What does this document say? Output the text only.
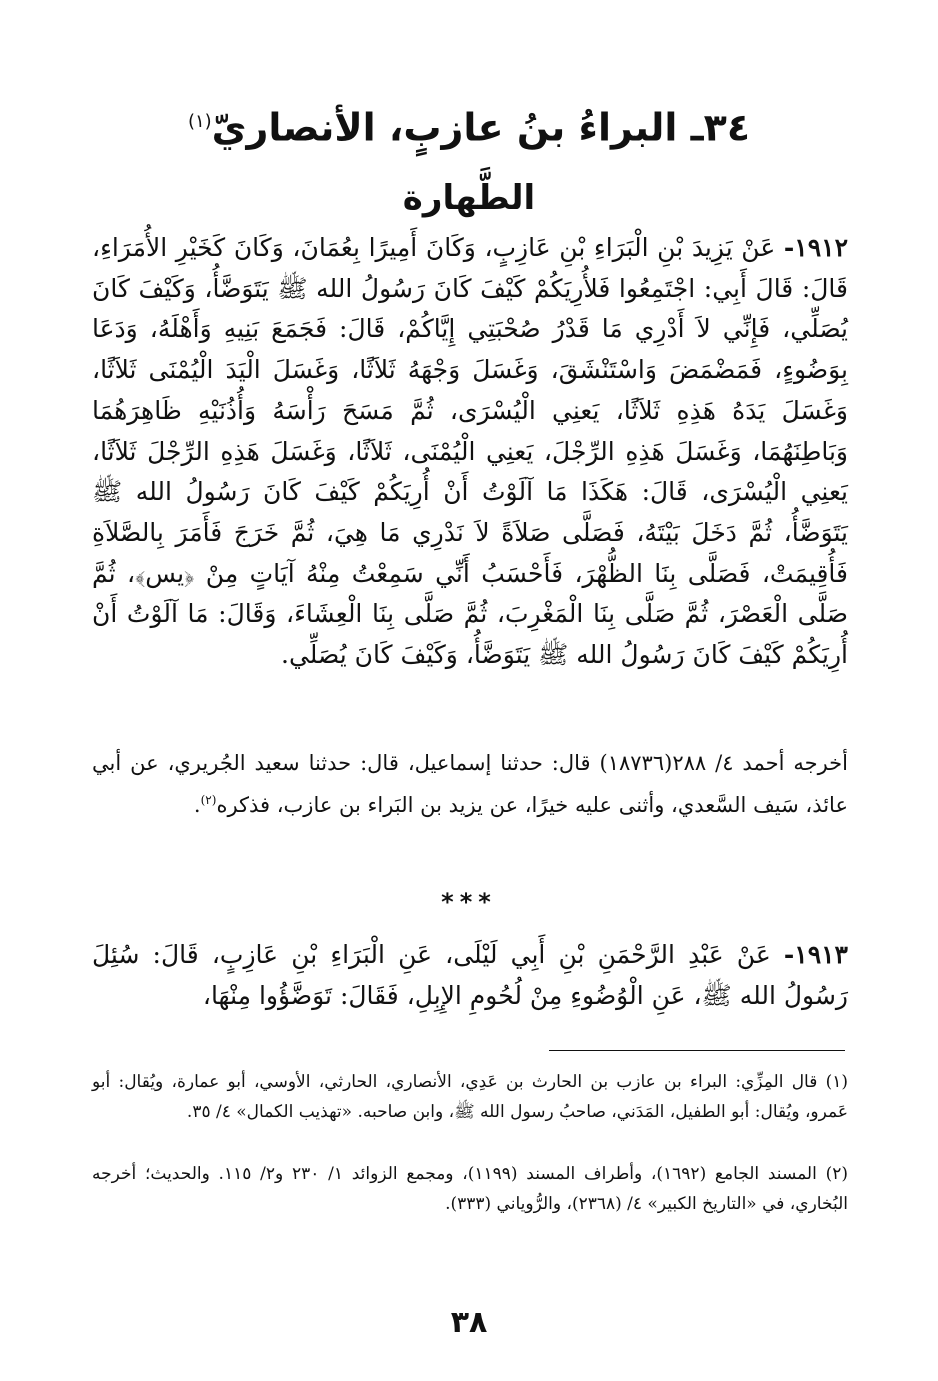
٣٤ـ البراءُ بنُ عازبٍ، الأنصاريّ$^{(١)}$
الطَّهارة

١٩١٢- عَنْ يَزِيدَ بْنِ الْبَرَاءِ بْنِ عَازِبٍ، وَكَانَ أَمِيرًا بِعُمَانَ، وَكَانَ كَخَيْرِ الأُمَرَاءِ، قَالَ: قَالَ أَبِي: اجْتَمِعُوا فَلأُرِيَكُمْ كَيْفَ كَانَ رَسُولُ الله ﷺ يَتَوَضَّأُ، وَكَيْفَ كَانَ يُصَلِّي، فَإِنِّي لاَ أَدْرِي مَا قَدْرُ صُحْبَتِي إِيَّاكُمْ، قَالَ: فَجَمَعَ بَنِيهِ وَأَهْلَهُ، وَدَعَا بِوَضُوءٍ، فَمَضْمَضَ وَاسْتَنْشَقَ، وَغَسَلَ وَجْهَهُ ثَلاَثًا، وَغَسَلَ الْيَدَ الْيُمْنَى ثَلاَثًا، وَغَسَلَ يَدَهُ هَذِهِ ثَلاَثًا، يَعنِي الْيُسْرَى، ثُمَّ مَسَحَ رَأْسَهُ وَأُذُنَيْهِ ظَاهِرَهُمَا وَبَاطِنَهُمَا، وَغَسَلَ هَذِهِ الرِّجْلَ، يَعنِي الْيُمْنَى، ثَلاَثًا، وَغَسَلَ هَذِهِ الرِّجْلَ ثَلاَثًا، يَعنِي الْيُسْرَى، قَالَ: هَكَذَا مَا آلَوْتُ أَنْ أُرِيَكُمْ كَيْفَ كَانَ رَسُولُ الله ﷺ يَتَوَضَّأُ، ثُمَّ دَخَلَ بَيْتَهُ، فَصَلَّى صَلاَةً لاَ نَدْرِي مَا هِيَ، ثُمَّ خَرَجَ فَأَمَرَ بِالصَّلاَةِ فَأُقِيمَتْ، فَصَلَّى بِنَا الظُّهْرَ، فَأَحْسَبُ أَنِّي سَمِعْتُ مِنْهُ آيَاتٍ مِنْ ﴿يس﴾، ثُمَّ صَلَّى الْعَصْرَ، ثُمَّ صَلَّى بِنَا الْمَغْرِبَ، ثُمَّ صَلَّى بِنَا الْعِشَاءَ، وَقَالَ: مَا آلَوْتُ أَنْ أُرِيَكُمْ كَيْفَ كَانَ رَسُولُ الله ﷺ يَتَوَضَّأُ، وَكَيْفَ كَانَ يُصَلِّي.

أخرجه أحمد ٤/ ٢٨٨(١٨٧٣٦) قال: حدثنا إسماعيل، قال: حدثنا سعيد الجُريري، عن أبي عائذ، سَيف السَّعدي، وأثنى عليه خيرًا، عن يزيد بن البَراء بن عازب، فذكره$^{(٢)}$.

***

١٩١٣- عَنْ عَبْدِ الرَّحْمَنِ بْنِ أَبِي لَيْلَى، عَنِ الْبَرَاءِ بْنِ عَازِبٍ، قَالَ: سُئِلَ رَسُولُ الله ﷺ، عَنِ الْوُضُوءِ مِنْ لُحُومِ الإِبِلِ، فَقَالَ: تَوَضَّؤُوا مِنْهَا،

(١) قال المِزِّي: البراء بن عازب بن الحارث بن عَدِي، الأنصاري، الحارثي، الأوسي، أبو عمارة، ويُقال: أبو عَمرو، ويُقال: أبو الطفيل، المَدَني، صاحبُ رسول الله ﷺ، وابن صاحبه. «تهذيب الكمال» ٤/ ٣٥.

(٢) المسند الجامع (١٦٩٢)، وأطراف المسند (١١٩٩)، ومجمع الزوائد ١/ ٢٣٠ و٢/ ١١٥. والحديث؛ أخرجه البُخاري، في «التاريخ الكبير» ٤/ (٢٣٦٨)، والرُّوياني (٣٣٣).

٣٨
